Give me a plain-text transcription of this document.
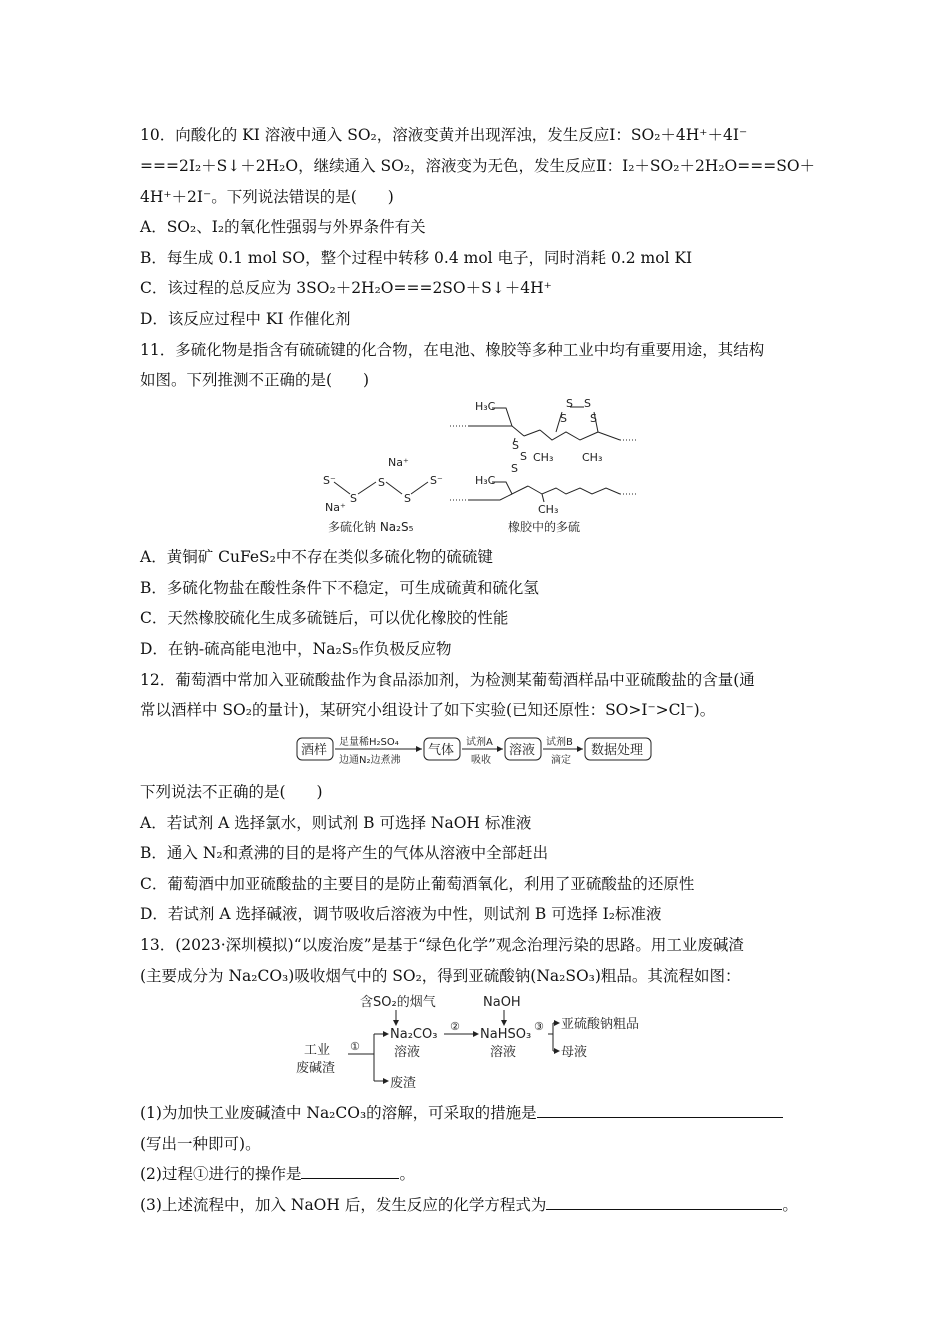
10．向酸化的 KI 溶液中通入 SO₂，溶液变黄并出现浑浊，发生反应Ⅰ：SO₂＋4H⁺＋4I⁻
===2I₂＋S↓＋2H₂O，继续通入 SO₂，溶液变为无色，发生反应Ⅱ：I₂＋SO₂＋2H₂O===SO＋
4H⁺＋2I⁻。下列说法错误的是(　　)
A．SO₂、I₂的氧化性强弱与外界条件有关
B．每生成 0.1 mol SO，整个过程中转移 0.4 mol 电子，同时消耗 0.2 mol KI
C．该过程的总反应为 3SO₂＋2H₂O===2SO＋S↓＋4H⁺
D．该反应过程中 KI 作催化剂
11．多硫化物是指含有硫硫键的化合物，在电池、橡胶等多种工业中均有重要用途，其结构
如图。下列推测不正确的是(　　)
S⁻
Na⁺
S
S
Na⁺
S
S⁻
多硫化钠 Na₂S₅
H₃C
H₃C
S S
S S
S
S
S
CH₃	CH₃
CH₃
橡胶中的多硫
A．黄铜矿 CuFeS₂中不存在类似多硫化物的硫硫键
B．多硫化物盐在酸性条件下不稳定，可生成硫黄和硫化氢
C．天然橡胶硫化生成多硫链后，可以优化橡胶的性能
D．在钠-硫高能电池中，Na₂S₅作负极反应物
12．葡萄酒中常加入亚硫酸盐作为食品添加剂，为检测某葡萄酒样品中亚硫酸盐的含量(通
常以酒样中 SO₂的量计)，某研究小组设计了如下实验(已知还原性：SO>I⁻>Cl⁻)。
酒样	气体	溶液	数据处理
足量稀H₂SO₄
边通N₂边煮沸
试剂A
吸收
试剂B
滴定
下列说法不正确的是(　　)
A．若试剂 A 选择氯水，则试剂 B 可选择 NaOH 标准液
B．通入 N₂和煮沸的目的是将产生的气体从溶液中全部赶出
C．葡萄酒中加亚硫酸盐的主要目的是防止葡萄酒氧化，利用了亚硫酸盐的还原性
D．若试剂 A 选择碱液，调节吸收后溶液为中性，则试剂 B 可选择 I₂标准液
13．(2023·深圳模拟)“以废治废”是基于“绿色化学”观念治理污染的思路。用工业废碱渣
(主要成分为 Na₂CO₃)吸收烟气中的 SO₂，得到亚硫酸钠(Na₂SO₃)粗品。其流程如图：
含SO₂的烟气	NaOH
工业
废碱渣
Na₂CO₃
溶液
NaHSO₃
溶液
亚硫酸钠粗品
母液
废渣
①
②	③
(1)为加快工业废碱渣中 Na₂CO₃的溶解，可采取的措施是
(写出一种即可)。
(2)过程①进行的操作是	。
(3)上述流程中，加入 NaOH 后，发生反应的化学方程式为	。
